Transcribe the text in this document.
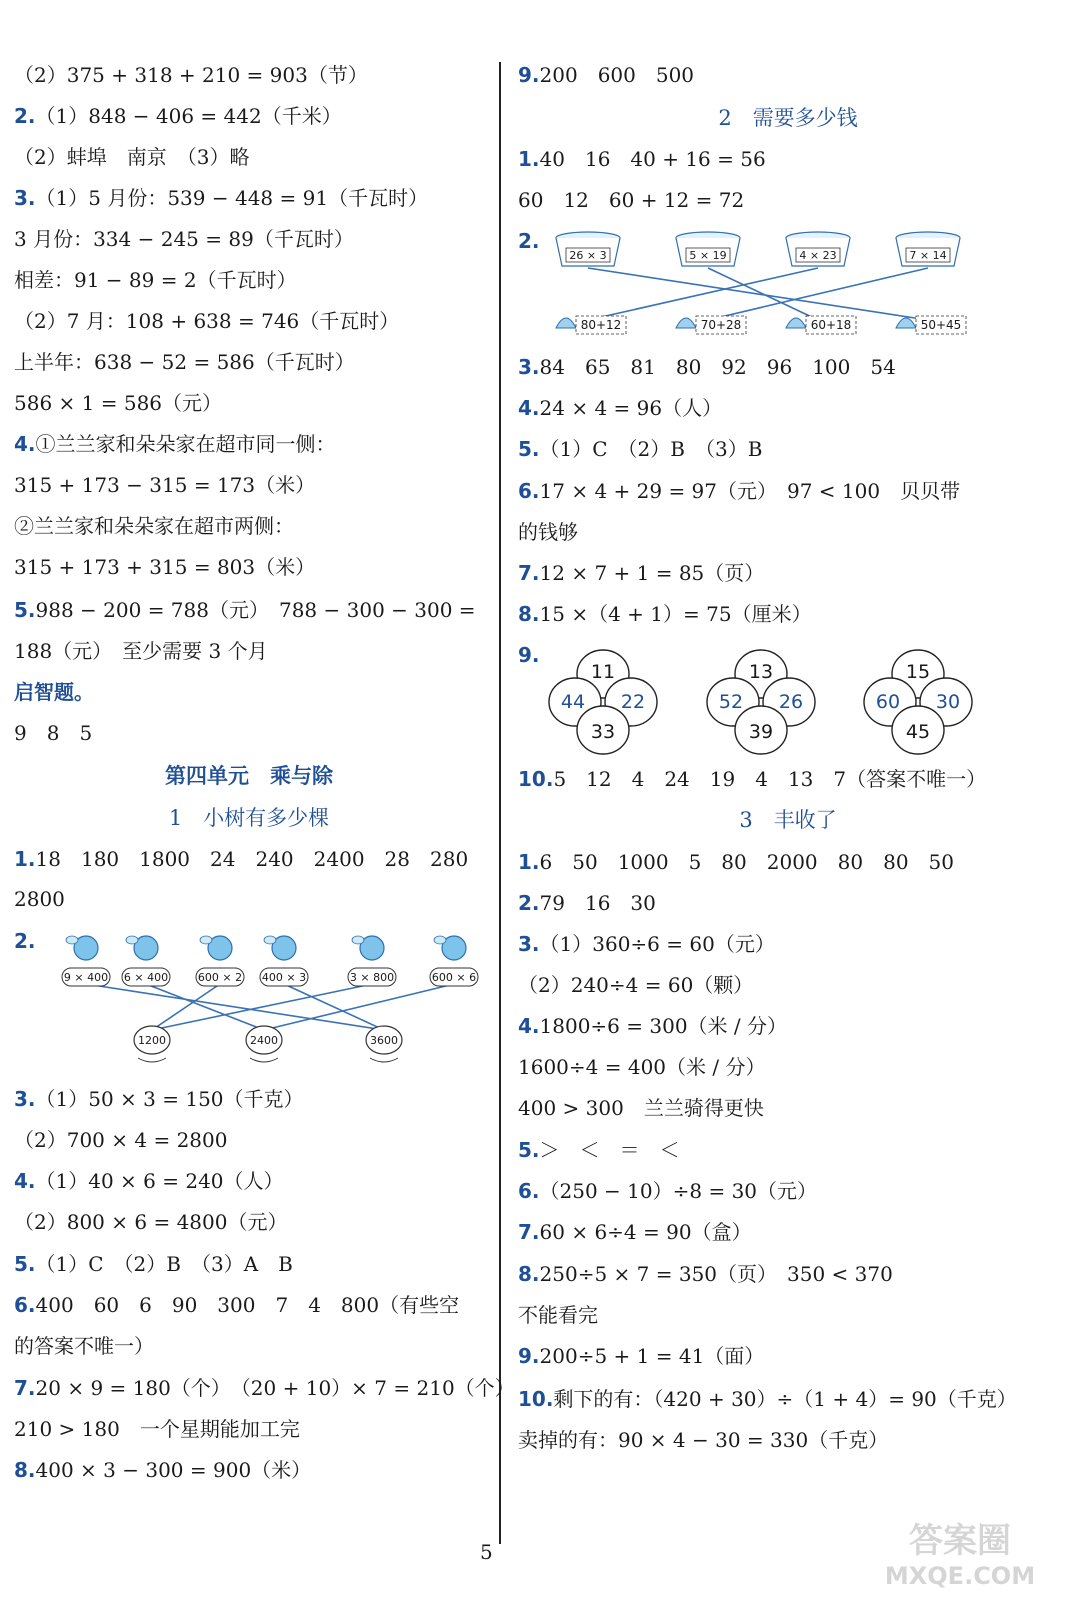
（2）375 + 318 + 210 = 903（节）
2.（1）848 − 406 = 442（千米）
（2）蚌埠　南京　（3）略
3.（1）5 月份：539 − 448 = 91（千瓦时）
3 月份：334 − 245 = 89（千瓦时）
相差：91 − 89 = 2（千瓦时）
（2）7 月：108 + 638 = 746（千瓦时）
上半年：638 − 52 = 586（千瓦时）
586 × 1 = 586（元）
4.①兰兰家和朵朵家在超市同一侧：
315 + 173 − 315 = 173（米）
②兰兰家和朵朵家在超市两侧：
315 + 173 + 315 = 803（米）
5.988 − 200 = 788（元）　788 − 300 − 300 =
188（元）　至少需要 3 个月
启智题。
9　8　5
第四单元　乘与除
1　 小树有多少棵
1.18　180　1800　24　240　2400　28　280
2800
2.
9 × 400 6 × 400	600 × 2 400 × 3	3 × 800	600 × 6
1200	2400	3600
3.（1）50 × 3 = 150（千克）
（2）700 × 4 = 2800
4.（1）40 × 6 = 240（人）
（2）800 × 6 = 4800（元）
5.（1）C　（2）B　（3）A　B
6.400　60　6　90　300　7　4　800（有些空
的答案不唯一）
7.20 × 9 = 180（个）　（20 + 10）× 7 = 210（个）
210 > 180　一个星期能加工完
8.400 × 3 − 300 = 900（米）
9.200　600　500
2　 需要多少钱
1.40　16　40 + 16 = 56
60　12　60 + 12 = 72
2.
26 × 3	5 × 19	4 × 23	7 × 14
80+12	70+28	60+18	50+45
3.84　65　81　80　92　96　100　54
4.24 × 4 = 96（人）
5.（1）C　（2）B　（3）B
6.17 × 4 + 29 = 97（元）　97 < 100　贝贝带
的钱够
7.12 × 7 + 1 = 85（页）
8.15 ×（4 + 1）= 75（厘米）
9.
11
44 22
33
13
52 26
39
15
60 30
45
10.5　12　4　24　19　4　13　7（答案不唯一）
3　 丰收了
1.6　50　1000　5　80　2000　80　80　50
2.79　16　30
3.（1）360÷6 = 60（元）
（2）240÷4 = 60（颗）
4.1800÷6 = 300（米 / 分）
1600÷4 = 400（米 / 分）
400 > 300　兰兰骑得更快
5.＞　＜　＝　＜
6.（250 − 10）÷8 = 30（元）
7.60 × 6÷4 = 90（盒）
8.250÷5 × 7 = 350（页）　350 < 370
不能看完
9.200÷5 + 1 = 41（面）
10.剩下的有：（420 + 30）÷（1 + 4）= 90（千克）
卖掉的有：90 × 4 − 30 = 330（千克）
5	答案圈
MXQE.COM
